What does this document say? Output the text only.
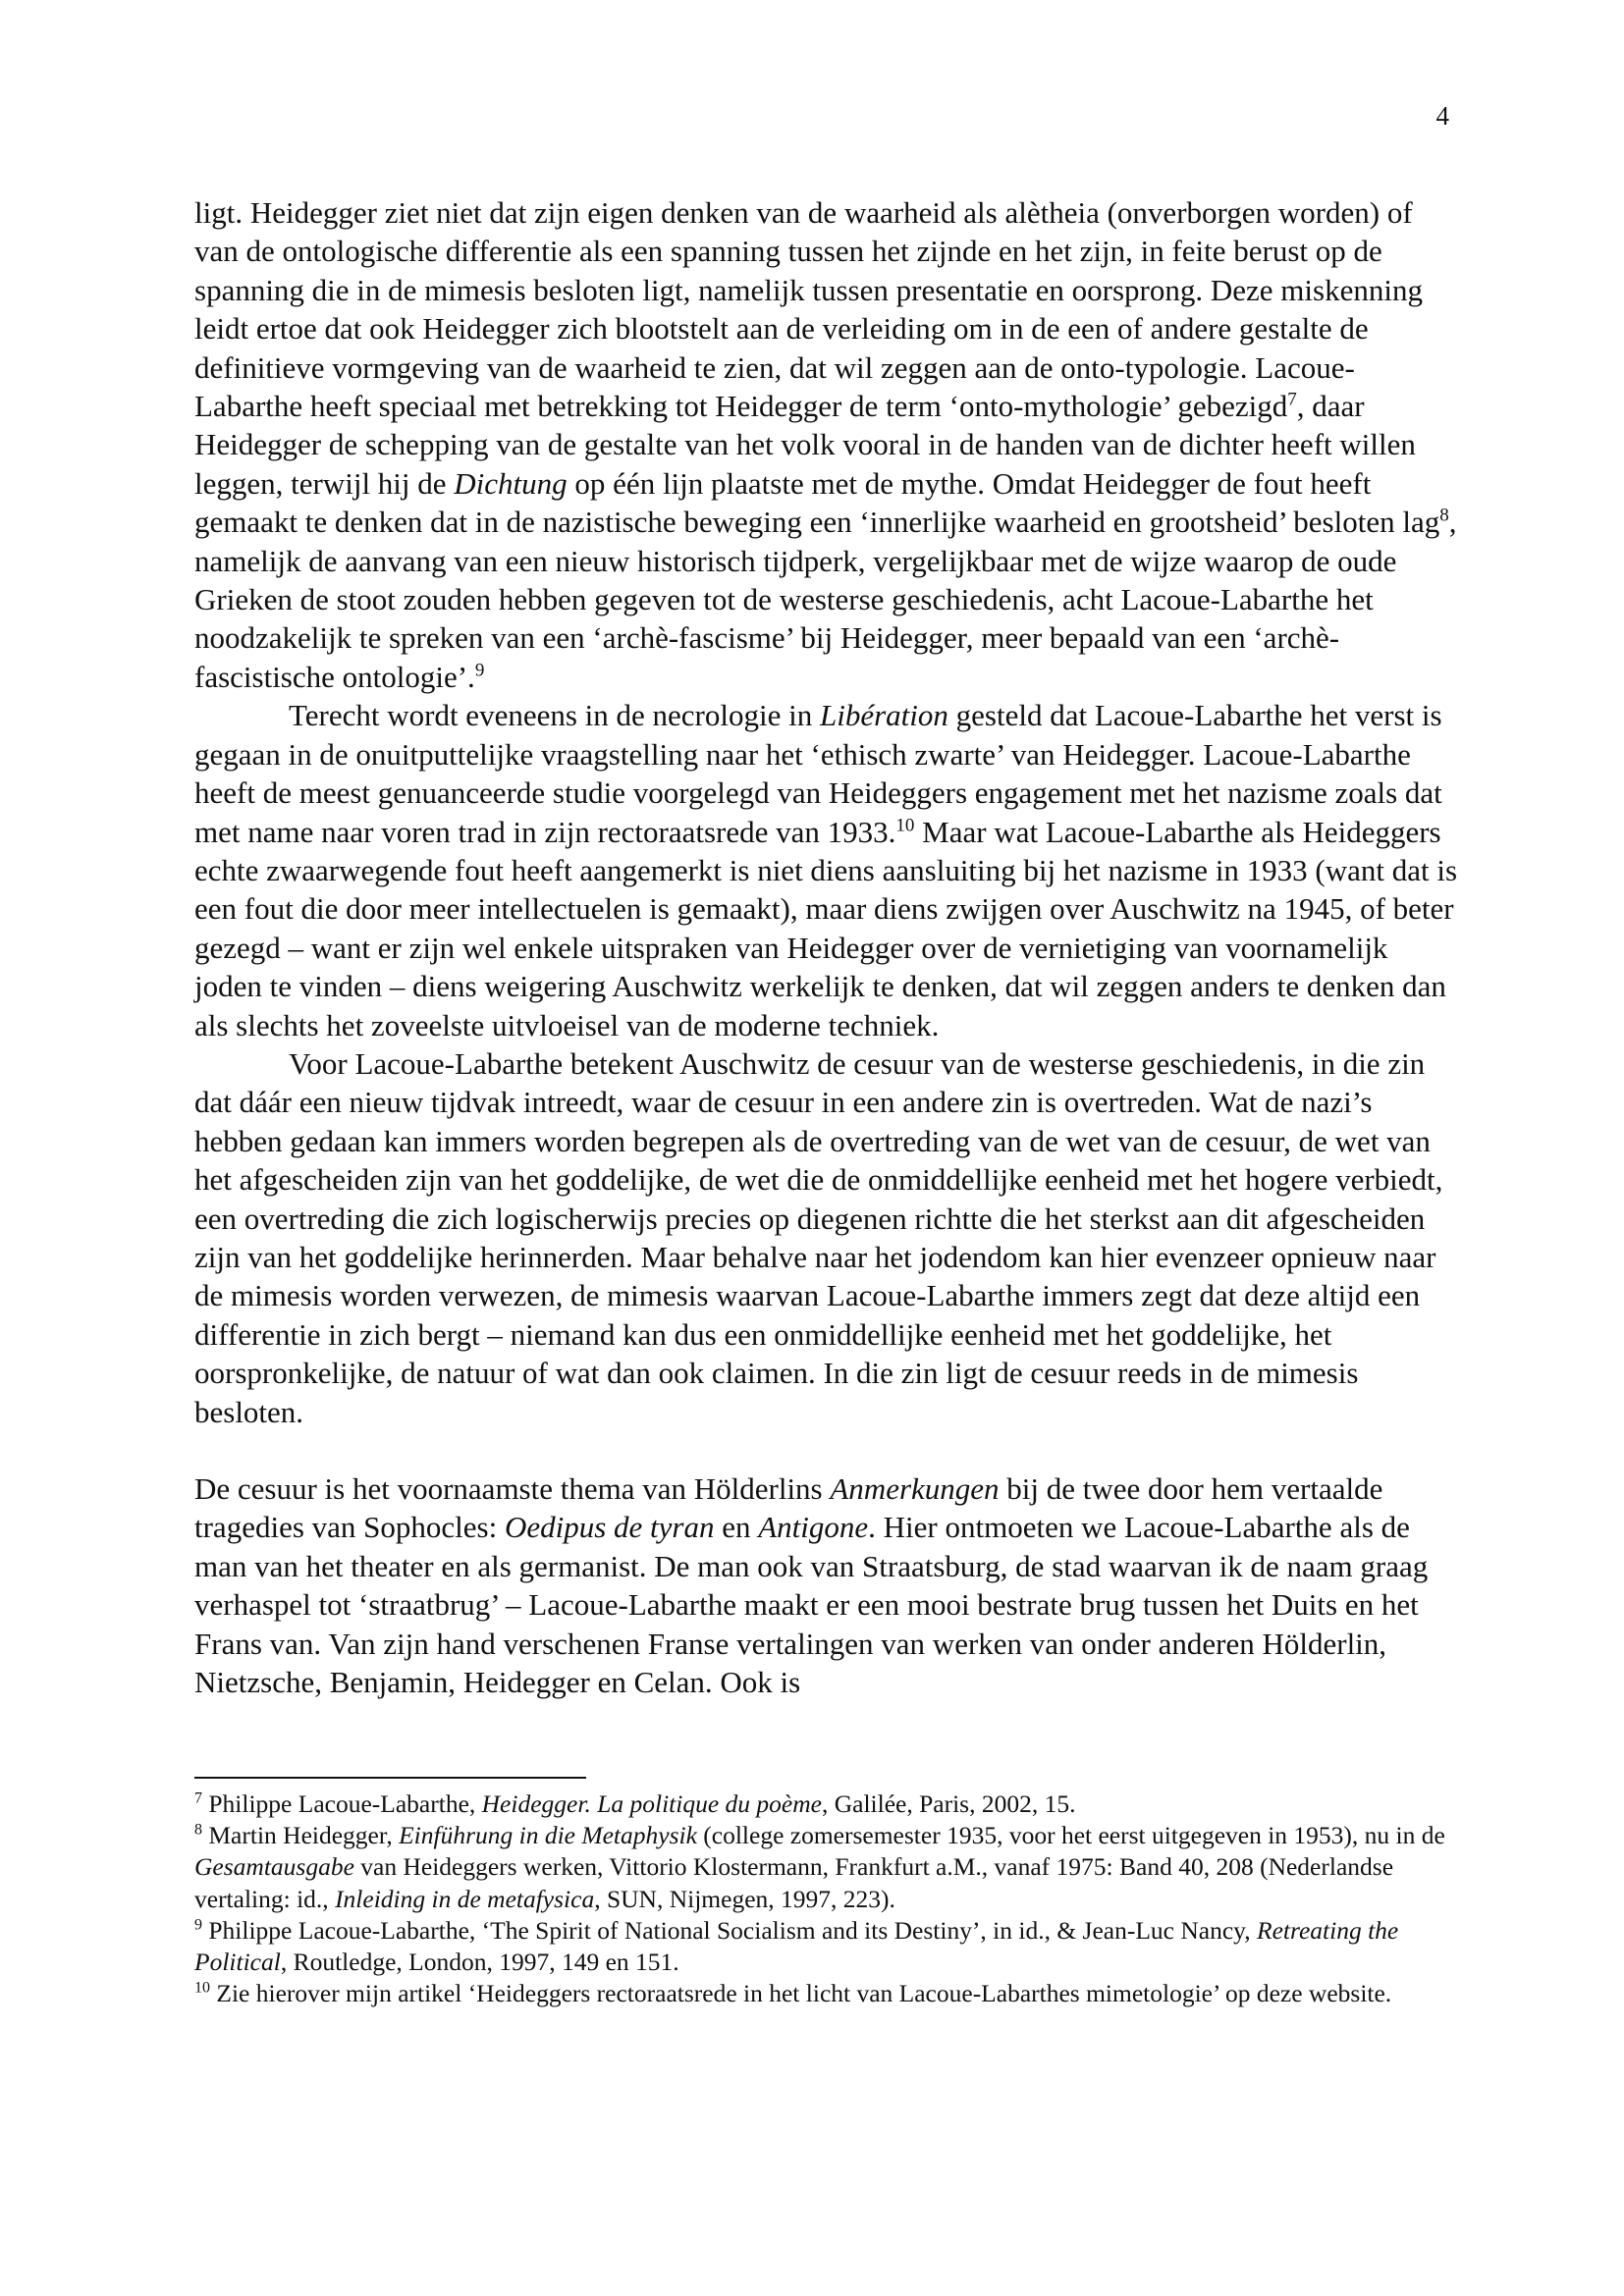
4

ligt. Heidegger ziet niet dat zijn eigen denken van de waarheid als alètheia (onverborgen worden) of van de ontologische differentie als een spanning tussen het zijnde en het zijn, in feite berust op de spanning die in de mimesis besloten ligt, namelijk tussen presentatie en oorsprong. Deze miskenning leidt ertoe dat ook Heidegger zich blootstelt aan de verleiding om in de een of andere gestalte de definitieve vormgeving van de waarheid te zien, dat wil zeggen aan de onto-typologie. Lacoue-Labarthe heeft speciaal met betrekking tot Heidegger de term ‘onto-mythologie’ gebezigd$^7$, daar Heidegger de schepping van de gestalte van het volk vooral in de handen van de dichter heeft willen leggen, terwijl hij de Dichtung op één lijn plaatste met de mythe. Omdat Heidegger de fout heeft gemaakt te denken dat in de nazistische beweging een ‘innerlijke waarheid en grootsheid’ besloten lag$^8$, namelijk de aanvang van een nieuw historisch tijdperk, vergelijkbaar met de wijze waarop de oude Grieken de stoot zouden hebben gegeven tot de westerse geschiedenis, acht Lacoue-Labarthe het noodzakelijk te spreken van een ‘archè-fascisme’ bij Heidegger, meer bepaald van een ‘archè-fascistische ontologie’.$^9$

Terecht wordt eveneens in de necrologie in Libération gesteld dat Lacoue-Labarthe het verst is gegaan in de onuitputtelijke vraagstelling naar het ‘ethisch zwarte’ van Heidegger. Lacoue-Labarthe heeft de meest genuanceerde studie voorgelegd van Heideggers engagement met het nazisme zoals dat met name naar voren trad in zijn rectoraatsrede van 1933.10 Maar wat Lacoue-Labarthe als Heideggers echte zwaarwegende fout heeft aangemerkt is niet diens aansluiting bij het nazisme in 1933 (want dat is een fout die door meer intellectuelen is gemaakt), maar diens zwijgen over Auschwitz na 1945, of beter gezegd – want er zijn wel enkele uitspraken van Heidegger over de vernietiging van voornamelijk joden te vinden – diens weigering Auschwitz werkelijk te denken, dat wil zeggen anders te denken dan als slechts het zoveelste uitvloeisel van de moderne techniek.

Voor Lacoue-Labarthe betekent Auschwitz de cesuur van de westerse geschiedenis, in die zin dat dáár een nieuw tijdvak intreedt, waar de cesuur in een andere zin is overtreden. Wat de nazi’s hebben gedaan kan immers worden begrepen als de overtreding van de wet van de cesuur, de wet van het afgescheiden zijn van het goddelijke, de wet die de onmiddellijke eenheid met het hogere verbiedt, een overtreding die zich logischerwijs precies op diegenen richtte die het sterkst aan dit afgescheiden zijn van het goddelijke herinnerden. Maar behalve naar het jodendom kan hier evenzeer opnieuw naar de mimesis worden verwezen, de mimesis waarvan Lacoue-Labarthe immers zegt dat deze altijd een differentie in zich bergt – niemand kan dus een onmiddellijke eenheid met het goddelijke, het oorspronkelijke, de natuur of wat dan ook claimen. In die zin ligt de cesuur reeds in de mimesis besloten.

De cesuur is het voornaamste thema van Hölderlins Anmerkungen bij de twee door hem vertaalde tragedies van Sophocles: Oedipus de tyran en Antigone. Hier ontmoeten we Lacoue-Labarthe als de man van het theater en als germanist. De man ook van Straatsburg, de stad waarvan ik de naam graag verhaspel tot ‘straatbrug’ – Lacoue-Labarthe maakt er een mooi bestrate brug tussen het Duits en het Frans van. Van zijn hand verschenen Franse vertalingen van werken van onder anderen Hölderlin, Nietzsche, Benjamin, Heidegger en Celan. Ook is

$^7$ Philippe Lacoue-Labarthe, Heidegger. La politique du poème, Galilée, Paris, 2002, 15.

$^8$ Martin Heidegger, Einführung in die Metaphysik (college zomersemester 1935, voor het eerst uitgegeven in 1953), nu in de Gesamtausgabe van Heideggers werken, Vittorio Klostermann, Frankfurt a.M., vanaf 1975: Band 40, 208 (Nederlandse vertaling: id., Inleiding in de metafysica, SUN, Nijmegen, 1997, 223).

$^9$ Philippe Lacoue-Labarthe, ‘The Spirit of National Socialism and its Destiny’, in id., & Jean-Luc Nancy, Retreating the Political, Routledge, London, 1997, 149 en 151.

$^{10}$ Zie hierover mijn artikel ‘Heideggers rectoraatsrede in het licht van Lacoue-Labarthes mimetologie’ op deze website.
